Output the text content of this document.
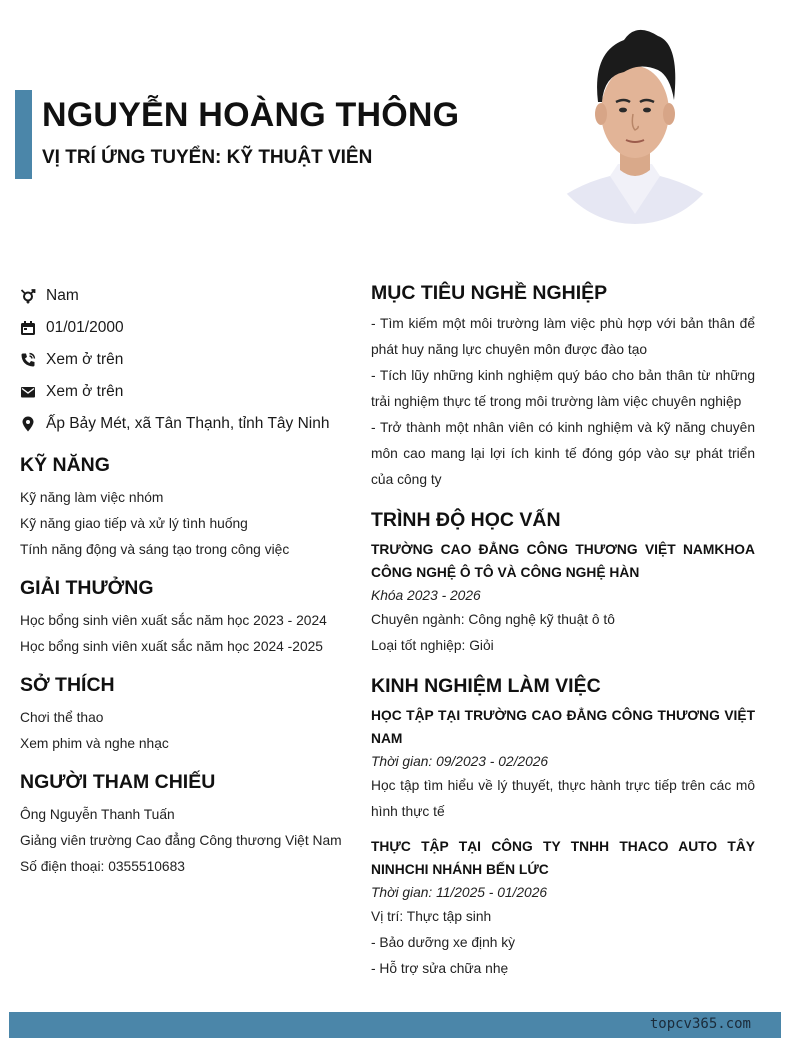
NGUYỄN HOÀNG THÔNG
VỊ TRÍ ỨNG TUYỂN: KỸ THUẬT VIÊN
Nam
01/01/2000
Xem ở trên
Xem ở trên
Ấp Bảy Mét, xã Tân Thạnh, tỉnh Tây Ninh
KỸ NĂNG
Kỹ năng làm việc nhóm
Kỹ năng giao tiếp và xử lý tình huống
Tính năng động và sáng tạo trong công việc
GIẢI THƯỞNG
Học bổng sinh viên xuất sắc năm học 2023 - 2024
Học bổng sinh viên xuất sắc năm học 2024 -2025
SỞ THÍCH
Chơi thể thao
Xem phim và nghe nhạc
NGƯỜI THAM CHIẾU
Ông Nguyễn Thanh Tuấn
Giảng viên trường Cao đẳng Công thương Việt Nam
Số điện thoại: 0355510683
MỤC TIÊU NGHỀ NGHIỆP
- Tìm kiếm một môi trường làm việc phù hợp với bản thân để phát huy năng lực chuyên môn được đào tạo
- Tích lũy những kinh nghiệm quý báo cho bản thân từ những trải nghiệm thực tế trong môi trường làm việc chuyên nghiệp
- Trở thành một nhân viên có kinh nghiệm và kỹ năng chuyên môn cao mang lại lợi ích kinh tế đóng góp vào sự phát triển của công ty
TRÌNH ĐỘ HỌC VẤN
TRƯỜNG CAO ĐẲNG CÔNG THƯƠNG VIỆT NAMKHOA CÔNG NGHỆ Ô TÔ VÀ CÔNG NGHỆ HÀN
Khóa 2023 - 2026
Chuyên ngành: Công nghệ kỹ thuật ô tô
Loại tốt nghiệp: Giỏi
KINH NGHIỆM LÀM VIỆC
HỌC TẬP TẠI TRƯỜNG CAO ĐẲNG CÔNG THƯƠNG VIỆT NAM
Thời gian: 09/2023 - 02/2026
Học tập tìm hiểu về lý thuyết, thực hành trực tiếp trên các mô hình thực tế
THỰC TẬP TẠI CÔNG TY TNHH THACO AUTO TÂY NINHCHI NHÁNH BẾN LỨC
Thời gian: 11/2025 - 01/2026
Vị trí: Thực tập sinh
- Bảo dưỡng xe định kỳ
- Hỗ trợ sửa chữa nhẹ
topcv365.com
